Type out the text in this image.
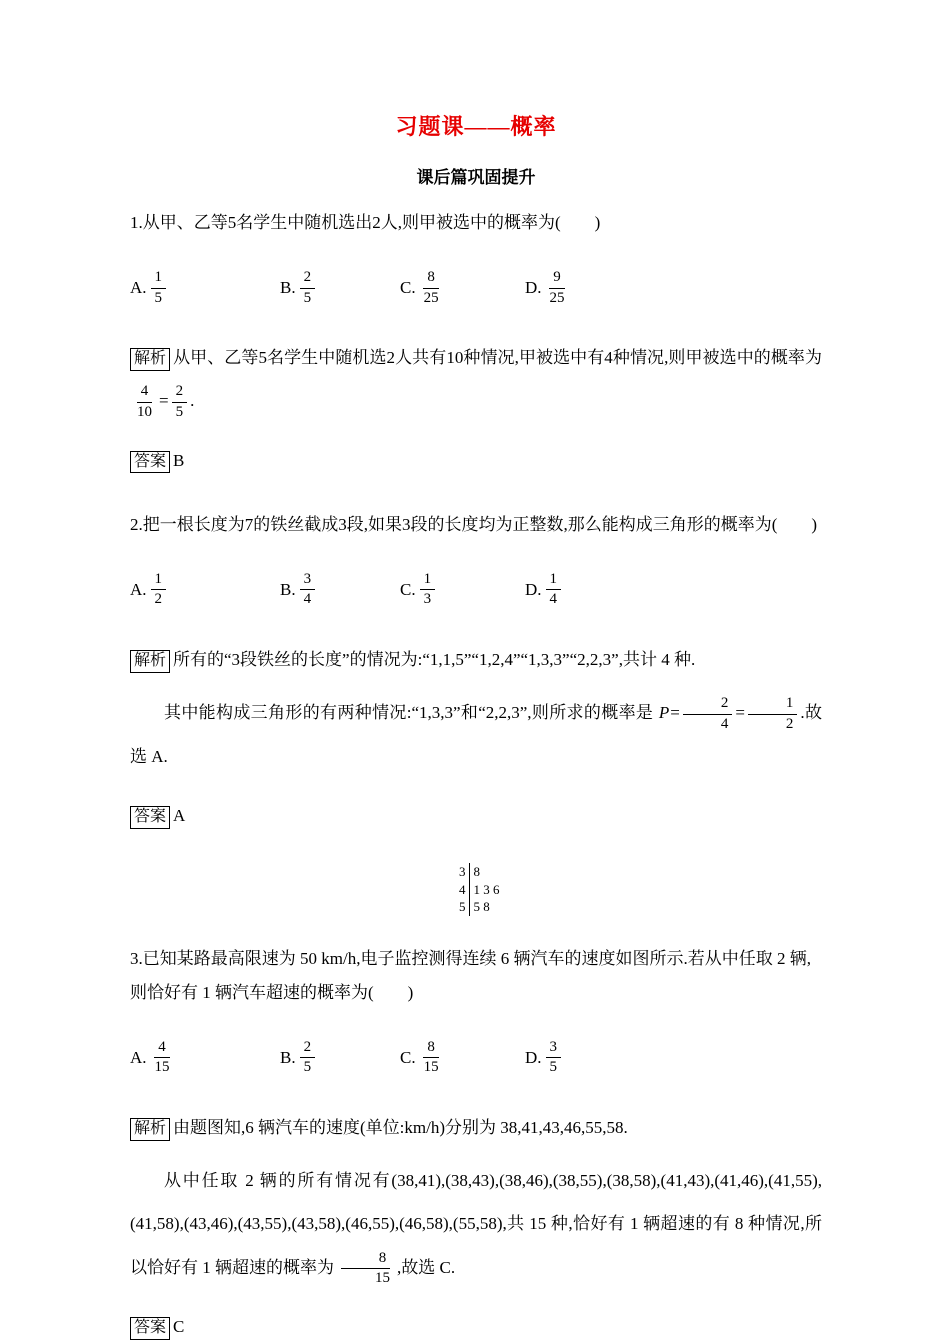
习题课——概率
课后篇巩固提升

1.从甲、乙等5名学生中随机选出2人,则甲被选中的概率为(　　)

A. $\frac{1}{5}$	B. $\frac{2}{5}$	C. $\frac{8}{25}$	D. $\frac{9}{25}$

解析 从甲、乙等5名学生中随机选2人共有10种情况,甲被选中有4种情况,则甲被选中的概率为
$\frac{4}{10} = \frac{2}{5}$ .

答案 B

2.把一根长度为7的铁丝截成3段,如果3段的长度均为正整数,那么能构成三角形的概率为(　　)

A. $\frac{1}{2}$	B. $\frac{3}{4}$	C. $\frac{1}{3}$	D. $\frac{1}{4}$

解析 所有的“3段铁丝的长度”的情况为:“1,1,5”“1,2,4”“1,3,3”“2,2,3”,共计 4 种.

其中能构成三角形的有两种情况:“1,3,3”和“2,2,3”,则所求的概率是 $P= \frac{2}{4} = \frac{1}{2}$ .故选 A.

答案 A

3 8
4 1 3 6
5 5 8

3.已知某路最高限速为 50 km/h,电子监控测得连续 6 辆汽车的速度如图所示.若从中任取 2 辆,则恰好有 1 辆汽车超速的概率为(　　)

A. $\frac{4}{15}$	B. $\frac{2}{5}$	C. $\frac{8}{15}$	D. $\frac{3}{5}$

解析 由题图知,6 辆汽车的速度(单位:km/h)分别为 38,41,43,46,55,58.

从中任取 2 辆的所有情况有(38,41),(38,43),(38,46),(38,55),(38,58),(41,43),(41,46),(41,55),(41,58),(43,46),(43,55),(43,58),(46,55),(46,58),(55,58),共 15 种,恰好有 1 辆超速的有 8 种情况,所以恰好有 1 辆超速的概率为 $\frac{8}{15}$ ,故选 C.

答案 C
